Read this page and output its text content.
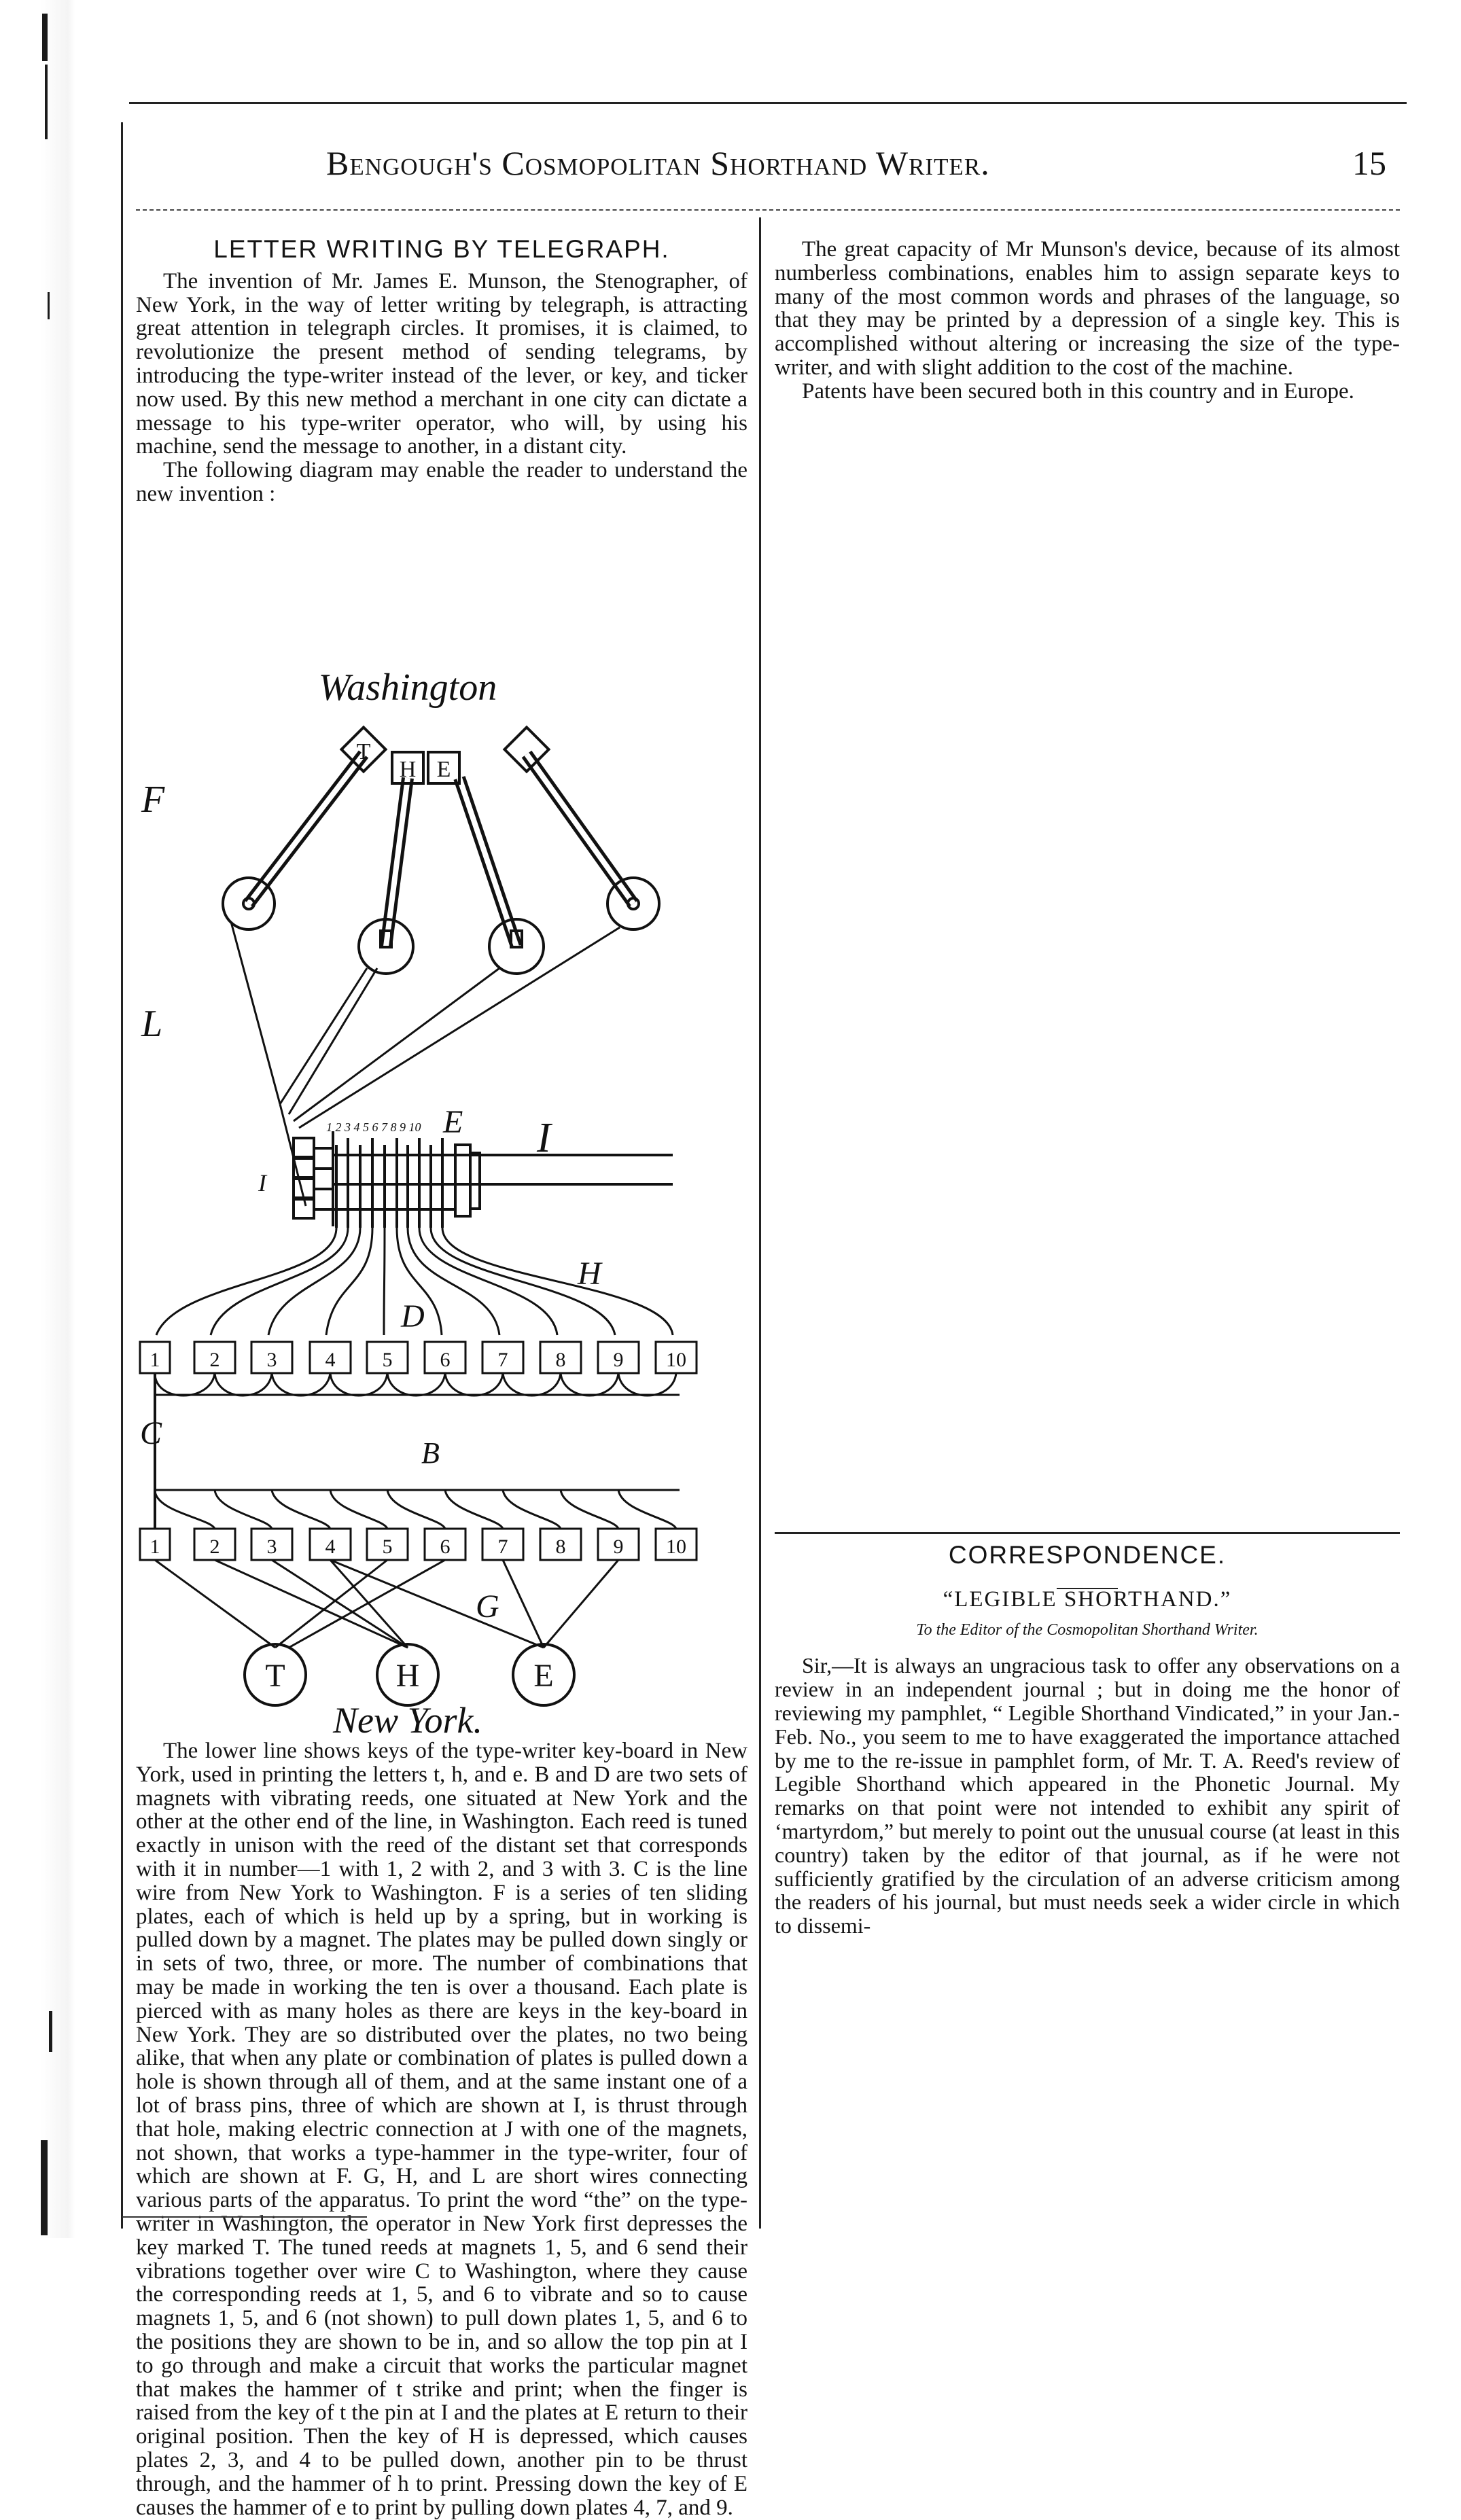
Bengough's Cosmopolitan Shorthand Writer.	15
LETTER WRITING BY TELEGRAPH.

The invention of Mr. James E. Munson, the Stenographer, of New York, in the way of letter writing by telegraph, is attracting great attention in telegraph circles. It promises, it is claimed, to revolutionize the present method of sending telegrams, by introducing the type-writer instead of the lever, or key, and ticker now used. By this new method a merchant in one city can dictate a message to his type-writer operator, who will, by using his machine, send the message to another, in a distant city.

The following diagram may enable the reader to understand the new invention :

Washington
T
H E
F
L
I
1 2 3 4 5 6 7 8 9 10 E I
H
D
1 2 3 4 5 6 7 8 9 10
C
B
1 2 3 4 5 6 7 8 9 10
G
T	H	E
New York.

The lower line shows keys of the type-writer key-board in New York, used in printing the letters t, h, and e. B and D are two sets of magnets with vibrating reeds, one situated at New York and the other at the other end of the line, in Washington. Each reed is tuned exactly in unison with the reed of the distant set that corresponds with it in number—1 with 1, 2 with 2, and 3 with 3. C is the line wire from New York to Washington. F is a series of ten sliding plates, each of which is held up by a spring, but in working is pulled down by a magnet. The plates may be pulled down singly or in sets of two, three, or more. The number of combinations that may be made in working the ten is over a thousand. Each plate is pierced with as many holes as there are keys in the key-board in New York. They are so distributed over the plates, no two being alike, that when any plate or combination of plates is pulled down a hole is shown through all of them, and at the same instant one of a lot of brass pins, three of which are shown at I, is thrust through that hole, making electric connection at J with one of the magnets, not shown, that works a type-hammer in the type-writer, four of which are shown at F. G, H, and L are short wires connecting various parts of the apparatus. To print the word “the” on the type-writer in Washington, the operator in New York first depresses the key marked T. The tuned reeds at magnets 1, 5, and 6 send their vibrations together over wire C to Washington, where they cause the corresponding reeds at 1, 5, and 6 to vibrate and so to cause magnets 1, 5, and 6 (not shown) to pull down plates 1, 5, and 6 to the positions they are shown to be in, and so allow the top pin at I to go through and make a circuit that works the particular magnet that makes the hammer of t strike and print; when the finger is raised from the key of t the pin at I and the plates at E return to their original position. Then the key of H is depressed, which causes plates 2, 3, and 4 to be pulled down, another pin to be thrust through, and the hammer of h to print. Pressing down the key of E causes the hammer of e to print by pulling down plates 4, 7, and 9.

The great capacity of Mr Munson's device, because of its almost numberless combinations, enables him to assign separate keys to many of the most common words and phrases of the language, so that they may be printed by a depression of a single key. This is accomplished without altering or increasing the size of the type-writer, and with slight addition to the cost of the machine.

Patents have been secured both in this country and in Europe.

CORRESPONDENCE.

“LEGIBLE SHORTHAND.”

To the Editor of the Cosmopolitan Shorthand Writer.

Sir,—It is always an ungracious task to offer any observations on a review in an independent journal ; but in doing me the honor of reviewing my pamphlet, “ Legible Shorthand Vindicated,” in your Jan.-Feb. No., you seem to me to have exaggerated the importance attached by me to the re-issue in pamphlet form, of Mr. T. A. Reed's review of Legible Shorthand which appeared in the Phonetic Journal. My remarks on that point were not intended to exhibit any spirit of ‘martyrdom,” but merely to point out the unusual course (at least in this country) taken by the editor of that journal, as if he were not sufficiently gratified by the circulation of an adverse criticism among the readers of his journal, but must needs seek a wider circle in which to dissemi-
